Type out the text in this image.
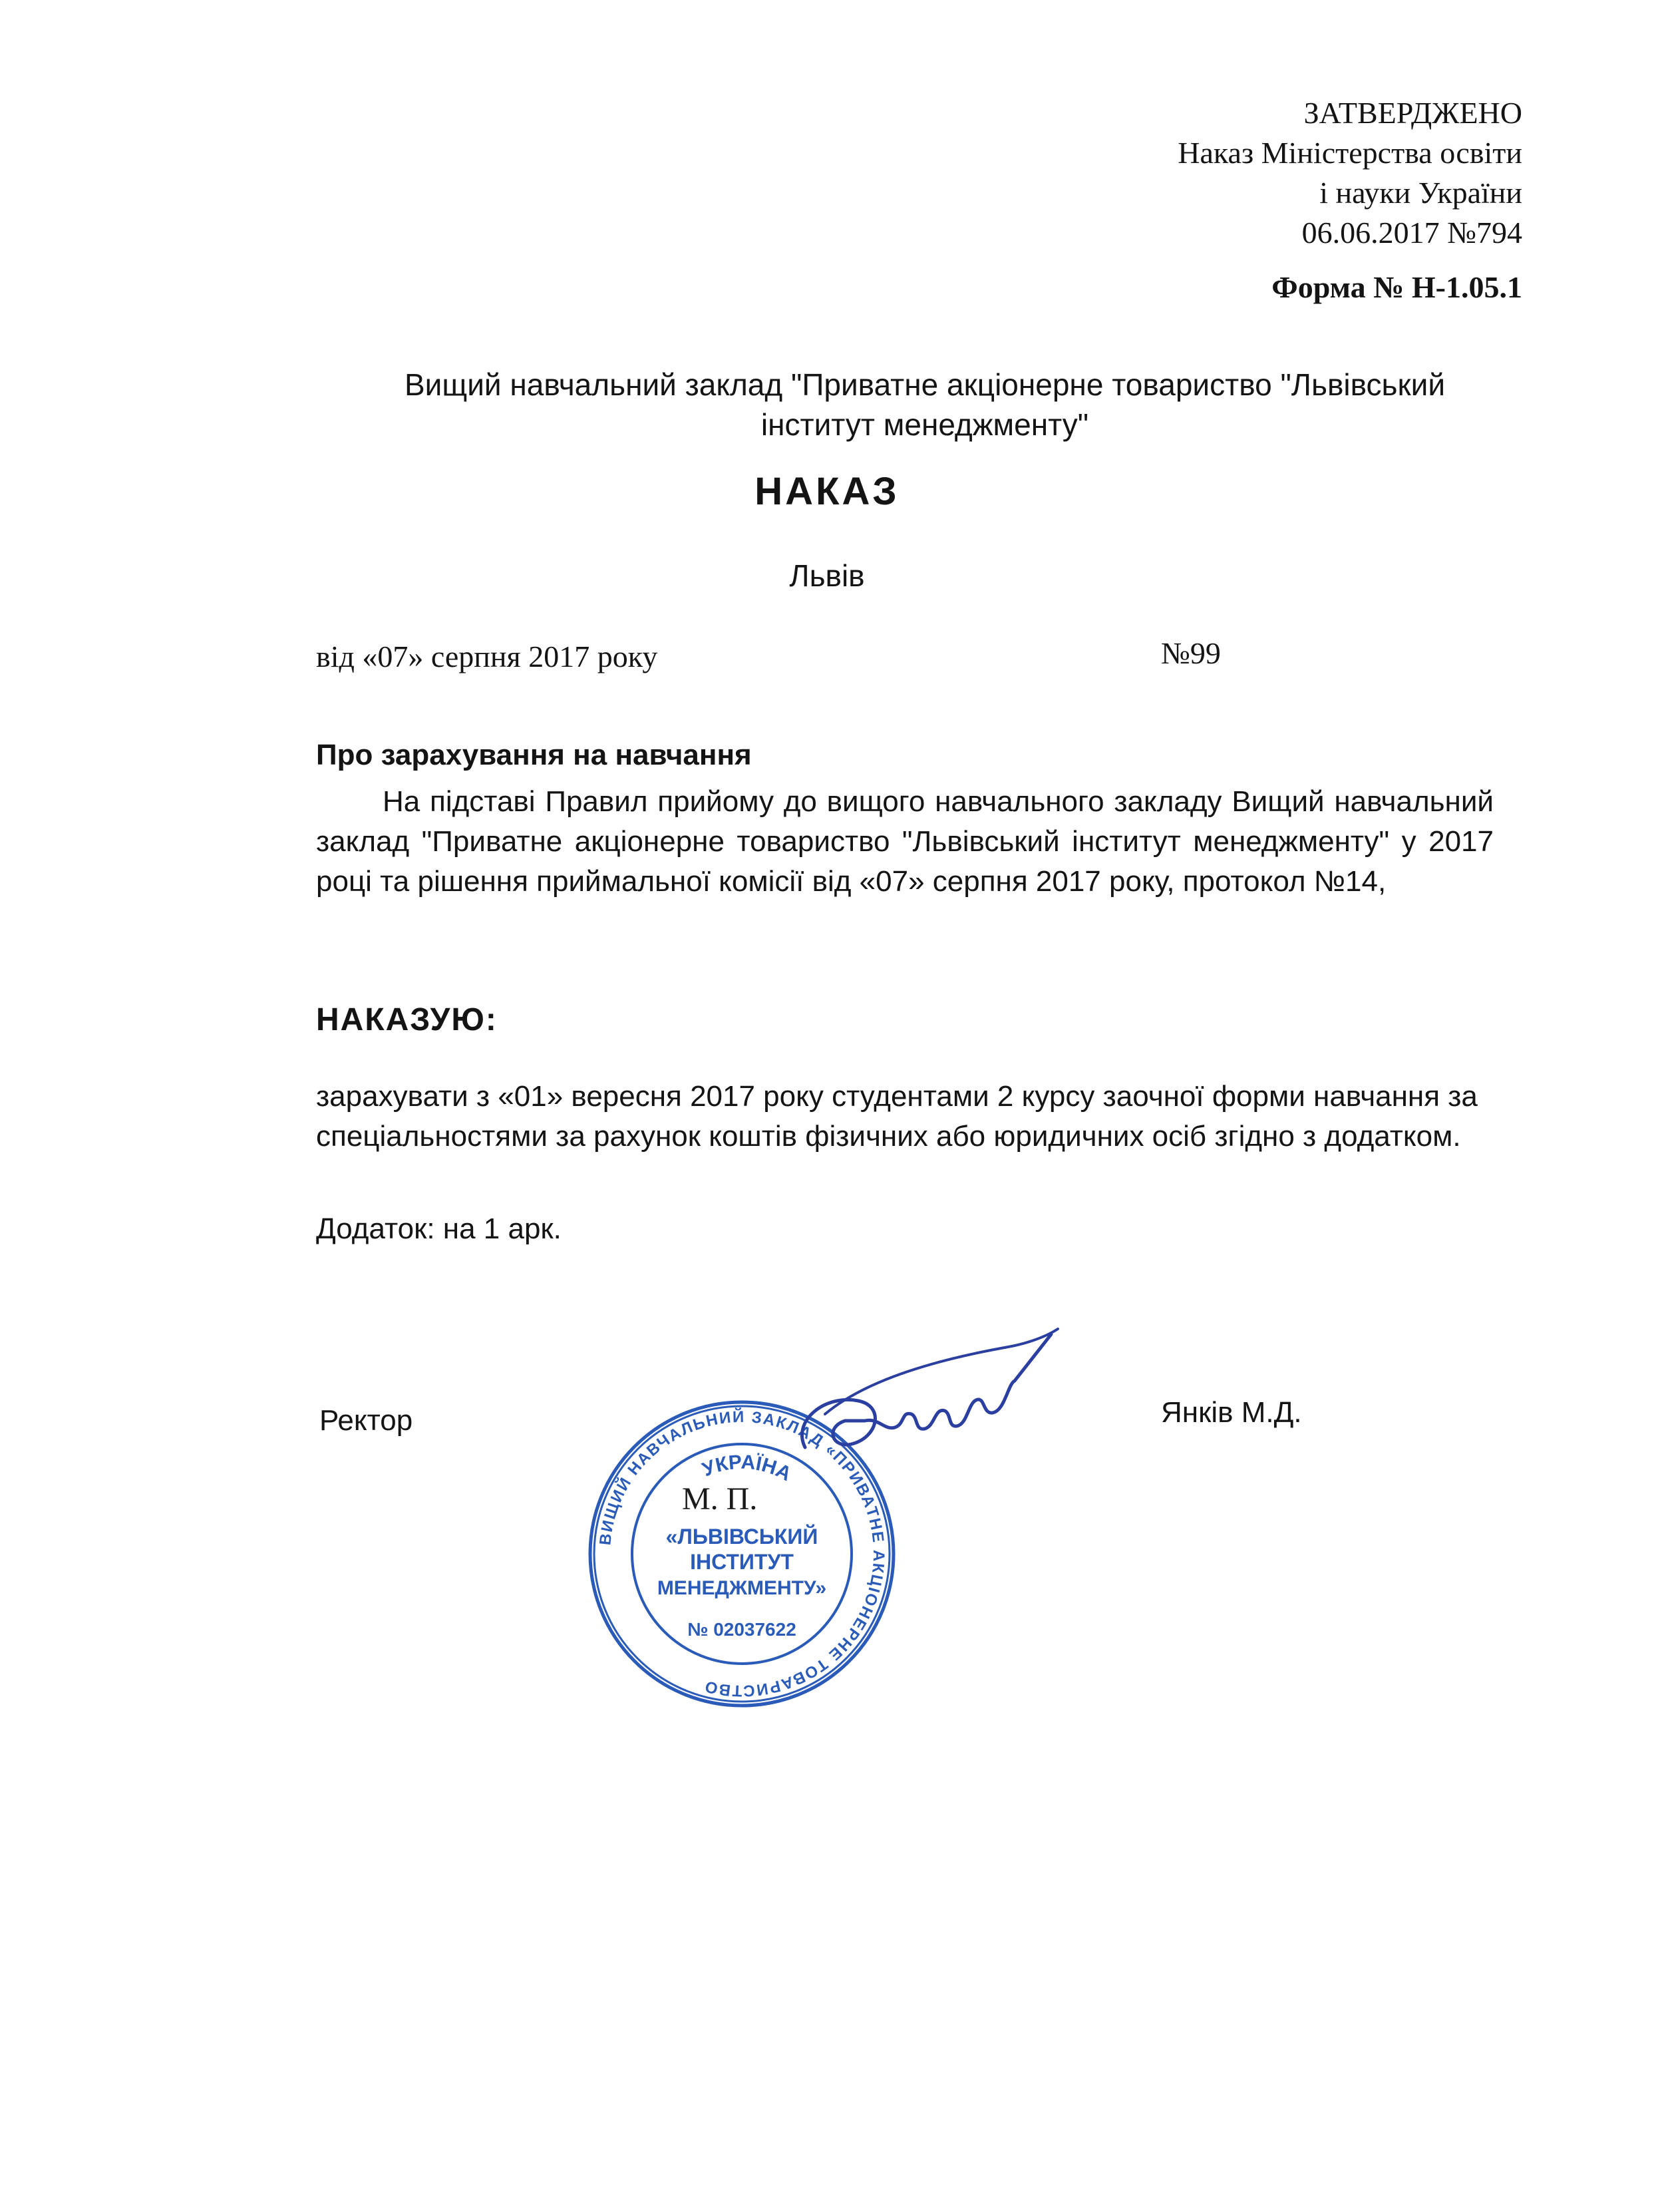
ЗАТВЕРДЖЕНО
Наказ Міністерства освіти
і науки України
06.06.2017 №794
Форма № Н-1.05.1
Вищий навчальний заклад "Приватне акціонерне товариство "Львівський
інститут менеджменту"
НАКАЗ
Львів
від «07» серпня 2017 року	№99
Про зарахування на навчання
На підставі Правил прийому до вищого навчального закладу Вищий навчальний заклад "Приватне акціонерне товариство "Львівський інститут менеджменту" у 2017 році та рішення приймальної комісії від «07» серпня 2017 року, протокол №14,
НАКАЗУЮ:
зарахувати з «01» вересня 2017 року студентами 2 курсу заочної форми навчання за спеціальностями за рахунок коштів фізичних або юридичних осіб згідно з додатком.
Додаток: на 1 арк.
Ректор	Янків М.Д.
ВИЩИЙ НАВЧАЛЬНИЙ ЗАКЛАД «ПРИВАТНЕ АКЦІОНЕРНЕ ТОВАРИСТВО
УКРАЇНА
«ЛЬВІВСЬКИЙ
ІНСТИТУТ
МЕНЕДЖМЕНТУ»
№ 02037622
М. П.
